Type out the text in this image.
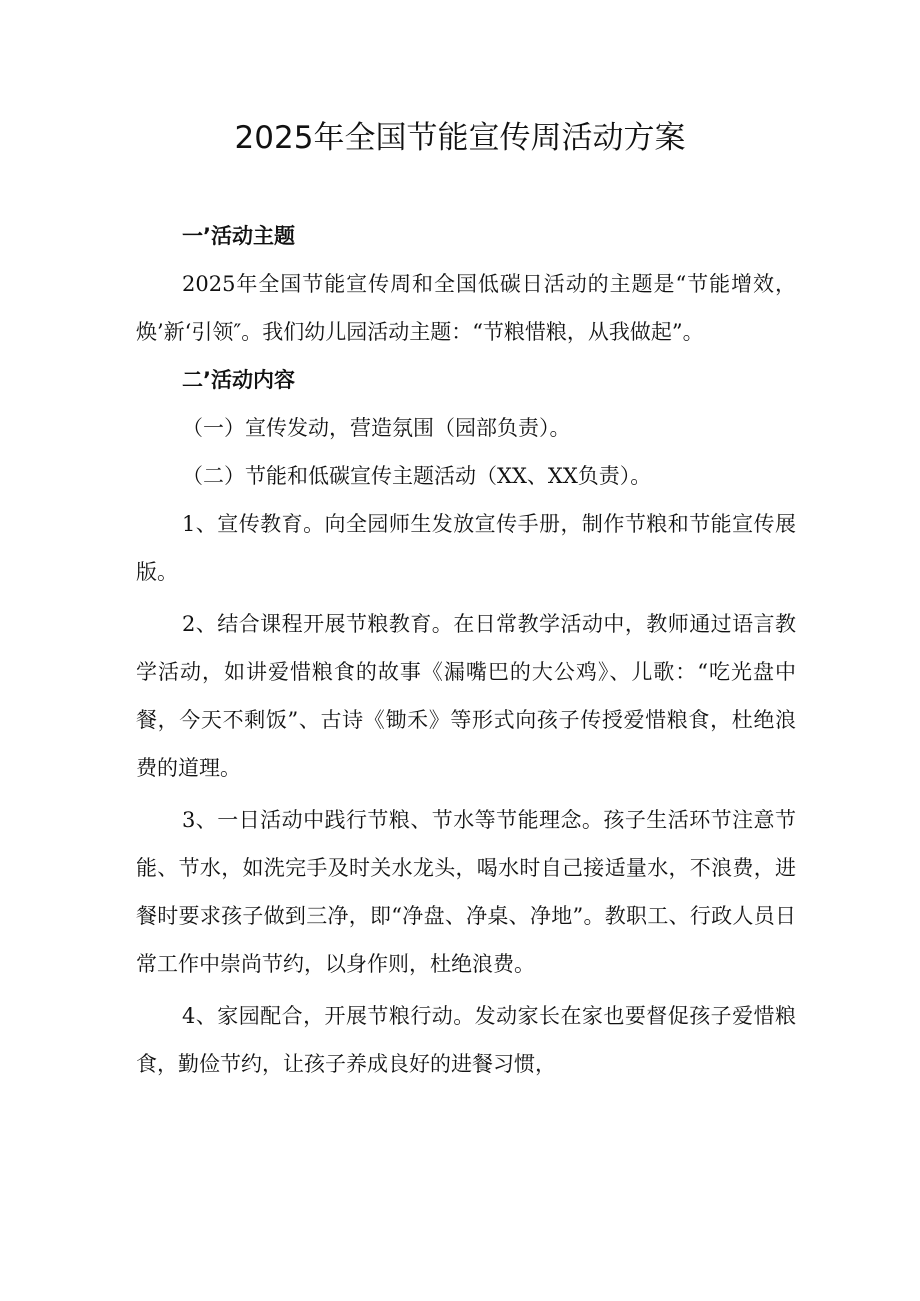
2025年全国节能宣传周活动方案

一’活动主题

2025年全国节能宣传周和全国低碳日活动的主题是“节能增效，焕’新‘引领″。我们幼儿园活动主题：“节粮惜粮，从我做起”。

二’活动内容

（一）宣传发动，营造氛围（园部负责）。

（二）节能和低碳宣传主题活动（XX、XX负责）。

1、宣传教育。向全园师生发放宣传手册，制作节粮和节能宣传展版。

2、结合课程开展节粮教育。在日常教学活动中，教师通过语言教学活动，如讲爱惜粮食的故事《漏嘴巴的大公鸡》、儿歌：“吃光盘中餐，今天不剩饭”、古诗《锄禾》等形式向孩子传授爱惜粮食，杜绝浪费的道理。

3、一日活动中践行节粮、节水等节能理念。孩子生活环节注意节能、节水，如洗完手及时关水龙头，喝水时自己接适量水，不浪费，进餐时要求孩子做到三净，即“净盘、净桌、净地”。教职工、行政人员日常工作中崇尚节约，以身作则，杜绝浪费。

4、家园配合，开展节粮行动。发动家长在家也要督促孩子爱惜粮食，勤俭节约，让孩子养成良好的进餐习惯，
